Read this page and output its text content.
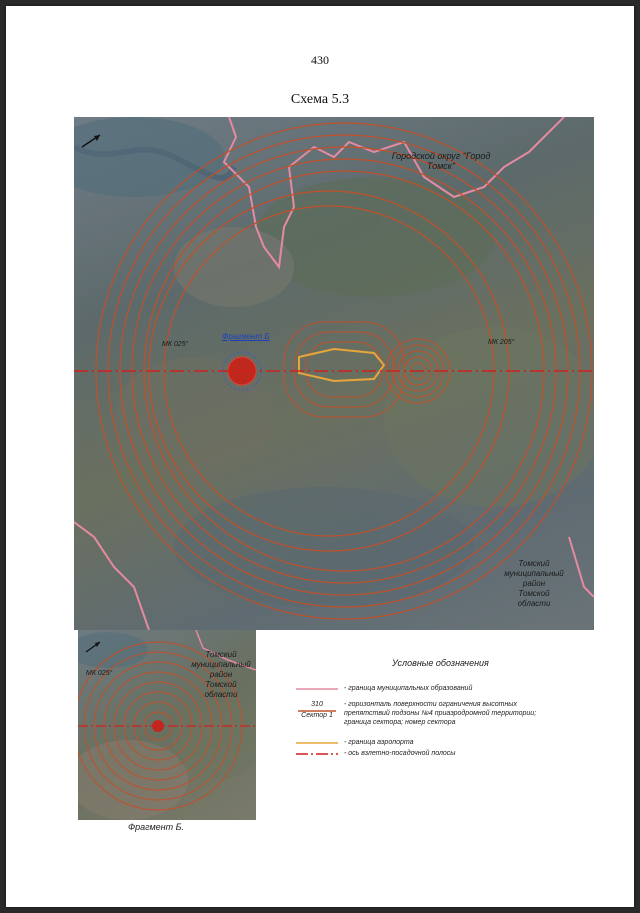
430
Схема 5.3
Городской округ "Город Томск"
Фрагмент Б
МК 025°	МК 205°
Томский
муниципальный
район
Томской
области
МК 025°
Томский
муниципальный
район
Томской
области
Фрагмент Б.
Условные обозначения
- граница муниципальных образований
310
Сектор 1
- горизонталь поверхности ограничения высотных
препятствий подзоны №4 приаэродромной территории;
граница сектора; номер сектора
- граница аэропорта
- ось взлетно-посадочной полосы
